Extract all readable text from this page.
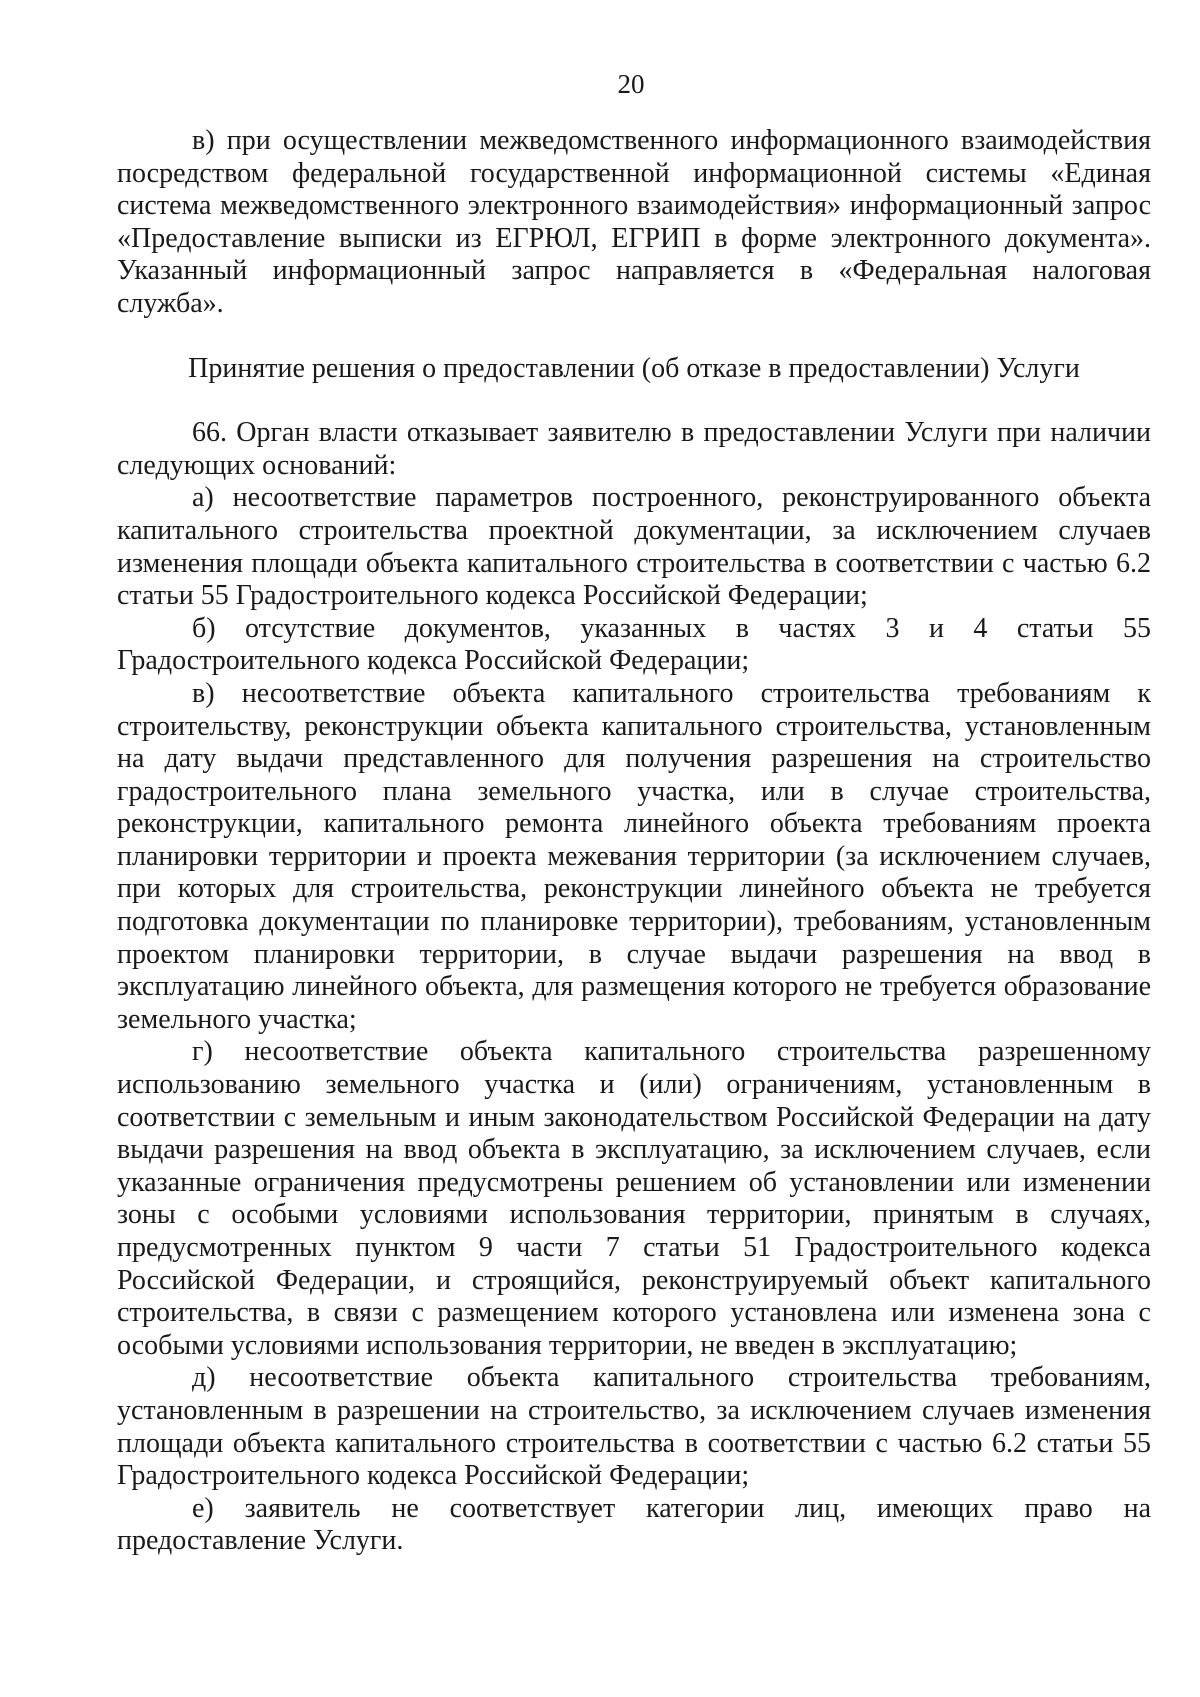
20

в) при осуществлении межведомственного информационного взаимодействия посредством федеральной государственной информационной системы «Единая система межведомственного электронного взаимодействия» информационный запрос «Предоставление выписки из ЕГРЮЛ, ЕГРИП в форме электронного документа». Указанный информационный запрос направляется в «Федеральная налоговая служба».

Принятие решения о предоставлении (об отказе в предоставлении) Услуги

66. Орган власти отказывает заявителю в предоставлении Услуги при наличии следующих оснований:

а) несоответствие параметров построенного, реконструированного объекта капитального строительства проектной документации, за исключением случаев изменения площади объекта капитального строительства в соответствии с частью 6.2 статьи 55 Градостроительного кодекса Российской Федерации;

б) отсутствие документов, указанных в частях 3 и 4 статьи 55 Градостроительного кодекса Российской Федерации;

в) несоответствие объекта капитального строительства требованиям к строительству, реконструкции объекта капитального строительства, установленным на дату выдачи представленного для получения разрешения на строительство градостроительного плана земельного участка, или в случае строительства, реконструкции, капитального ремонта линейного объекта требованиям проекта планировки территории и проекта межевания территории (за исключением случаев, при которых для строительства, реконструкции линейного объекта не требуется подготовка документации по планировке территории), требованиям, установленным проектом планировки территории, в случае выдачи разрешения на ввод в эксплуатацию линейного объекта, для размещения которого не требуется образование земельного участка;

г) несоответствие объекта капитального строительства разрешенному использованию земельного участка и (или) ограничениям, установленным в соответствии с земельным и иным законодательством Российской Федерации на дату выдачи разрешения на ввод объекта в эксплуатацию, за исключением случаев, если указанные ограничения предусмотрены решением об установлении или изменении зоны с особыми условиями использования территории, принятым в случаях, предусмотренных пунктом 9 части 7 статьи 51 Градостроительного кодекса Российской Федерации, и строящийся, реконструируемый объект капитального строительства, в связи с размещением которого установлена или изменена зона с особыми условиями использования территории, не введен в эксплуатацию;

д) несоответствие объекта капитального строительства требованиям, установленным в разрешении на строительство, за исключением случаев изменения площади объекта капитального строительства в соответствии с частью 6.2 статьи 55 Градостроительного кодекса Российской Федерации;

е) заявитель не соответствует категории лиц, имеющих право на предоставление Услуги.
